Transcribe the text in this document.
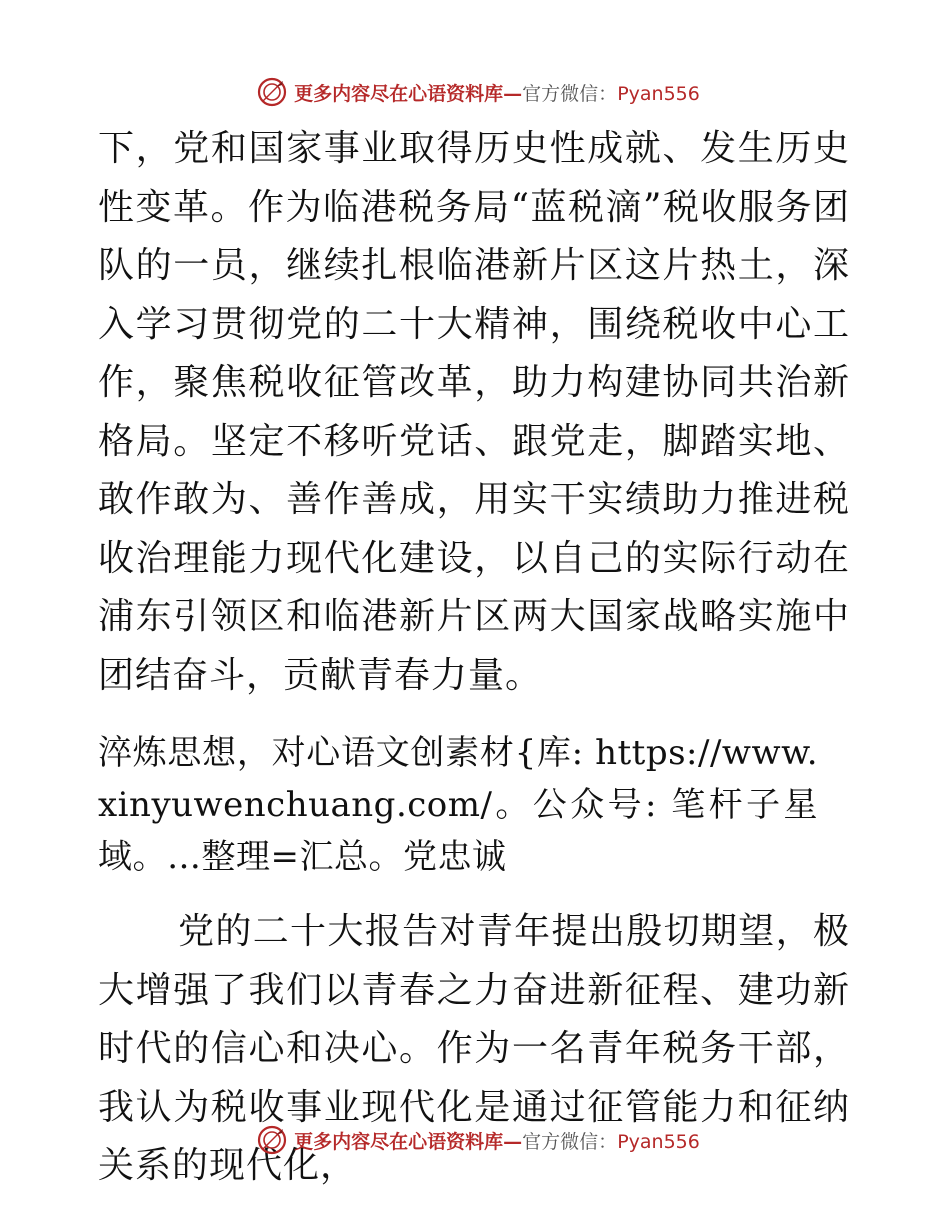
更多内容尽在心语资料库—官方微信：Pyan556

下，党和国家事业取得历史性成就、发生历史性变革。作为临港税务局“蓝税滴”税收服务团队的一员，继续扎根临港新片区这片热土，深入学习贯彻党的二十大精神，围绕税收中心工作，聚焦税收征管改革，助力构建协同共治新格局。坚定不移听党话、跟党走，脚踏实地、敢作敢为、善作善成，用实干实绩助力推进税收治理能力现代化建设，以自己的实际行动在浦东引领区和临港新片区两大国家战略实施中团结奋斗，贡献青春力量。

淬炼思想，对心语文创素材{库: https://www.xinyuwenchuang.com/。公众号: 笔杆子星域。…整理=汇总。党忠诚

党的二十大报告对青年提出殷切期望，极大增强了我们以青春之力奋进新征程、建功新时代的信心和决心。作为一名青年税务干部，我认为税收事业现代化是通过征管能力和征纳关系的现代化，

更多内容尽在心语资料库—官方微信：Pyan556
